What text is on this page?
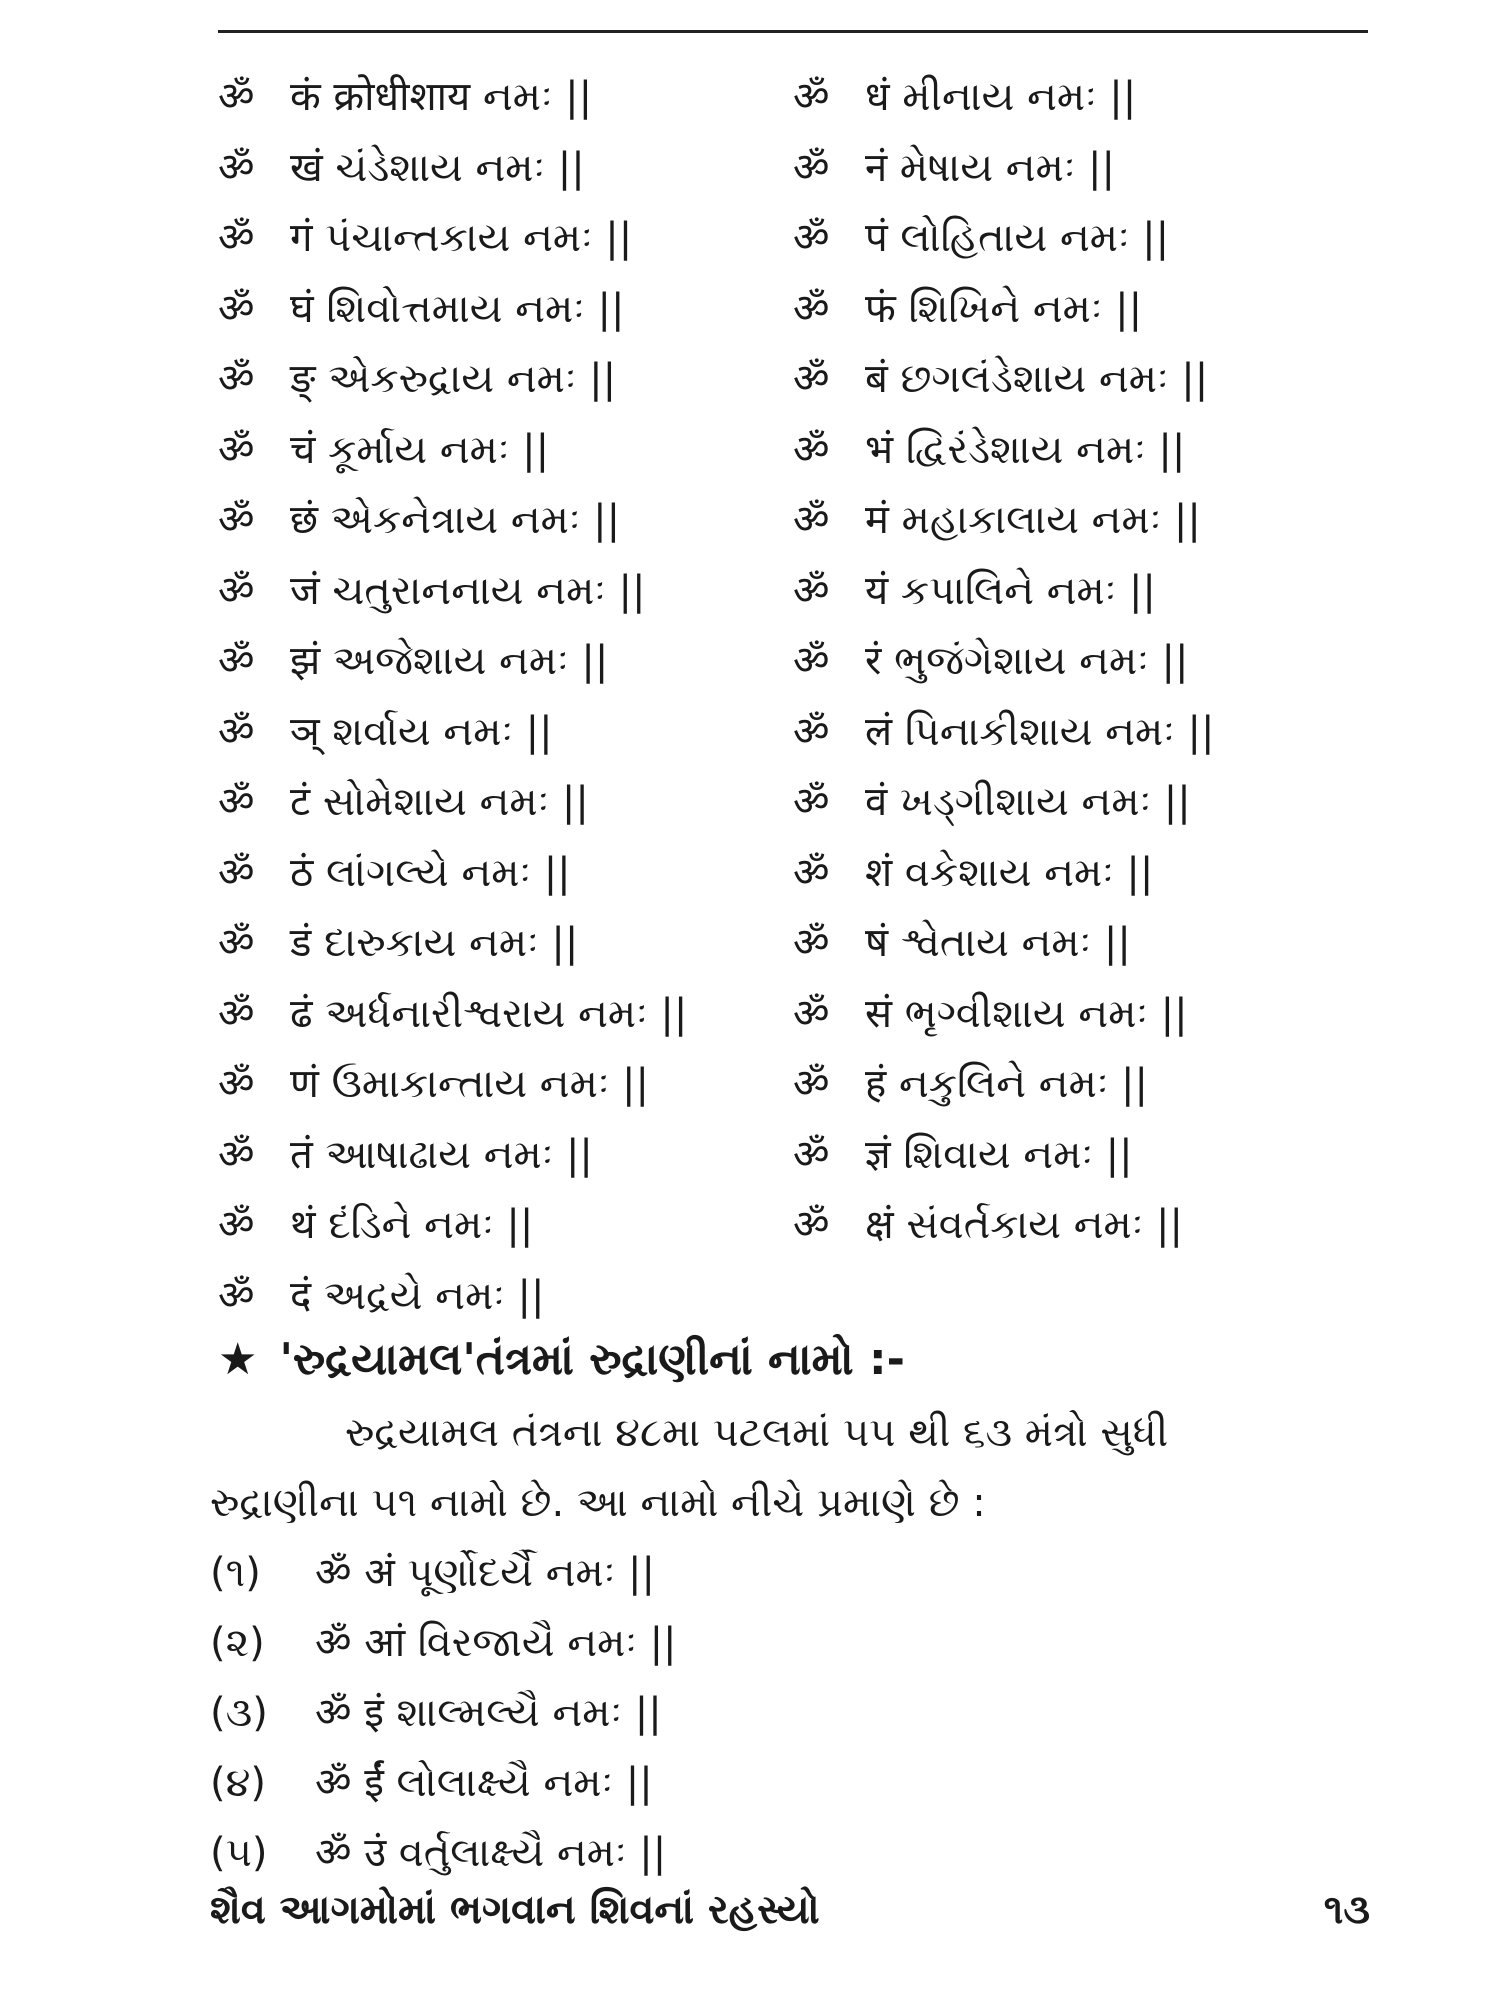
ॐ कं क्रोधीशाय નમઃ ||	ॐ धं મીનાય નમઃ ||
ॐ खं ચંડેશાય નમઃ ||	ॐ नं મેષાય નમઃ ||
ॐ गं પંચાન્તકાય નમઃ ||	ॐ पं લોહિતાય નમઃ ||
ॐ घं શિવોત્તમાય નમઃ ||	ॐ फं શિખિને નમઃ ||
ॐ ङ् એકરુદ્રાય નમઃ ||	ॐ बं છગલંડેશાય નમઃ ||
ॐ चं કૂર્માય નમઃ ||	ॐ भं દ્વિરંડેશાય નમઃ ||
ॐ छं એકનેત્રાય નમઃ ||	ॐ मं મહાકાલાય નમઃ ||
ॐ जं ચતુરાનનાય નમઃ ||	ॐ यं કપાલિને નમઃ ||
ॐ झं અજેશાય નમઃ ||	ॐ रं ભુજંગેશાય નમઃ ||
ॐ ञ् શર્વાય નમઃ ||	ॐ लं પિનાકીશાય નમઃ ||
ॐ टं સોમેશાય નમઃ ||	ॐ वं ખડ્ગીશાય નમઃ ||
ॐ ठं લાંગલ્યે નમઃ ||	ॐ शं વકેશાય નમઃ ||
ॐ डं દારુકાય નમઃ ||	ॐ षं શ્વેતાય નમઃ ||
ॐ ढं અર્ધનારીશ્વરાય નમઃ ||	ॐ सं ભૃગ્વીશાય નમઃ ||
ॐ णं ઉમાકાન્તાય નમઃ ||	ॐ हं નકુલિને નમઃ ||
ॐ तं આષાઢાય નમઃ ||	ॐ ज्ञं શિવાય નમઃ ||
ॐ थं દંડિને નમઃ ||	ॐ क्षं સંવર્તકાય નમઃ ||
ॐ दं અદ્રયે નમઃ ||
★ 'રુદ્રયામલ'તંત્રમાં રુદ્રાણીનાં નામો :-
રુદ્રયામલ તંત્રના ૪૮મા પટલમાં ૫૫ થી ૬૩ મંત્રો સુધી
રુદ્રાણીના ૫૧ નામો છે. આ નામો નીચે પ્રમાણે છે :
(૧) ॐ अं પૂર્ણોદર્યૈ નમઃ ||
(૨) ॐ आं વિરજાયૈ નમઃ ||
(૩) ॐ इं શાલ્મલ્યૈ નમઃ ||
(૪) ॐ ईं લોલાક્ષ્યૈ નમઃ ||
(૫) ॐ उं વર્તુલાક્ષ્યૈ નમઃ ||
શૈવ આગમોમાં ભગવાન શિવનાં રહસ્યો	૧૩
